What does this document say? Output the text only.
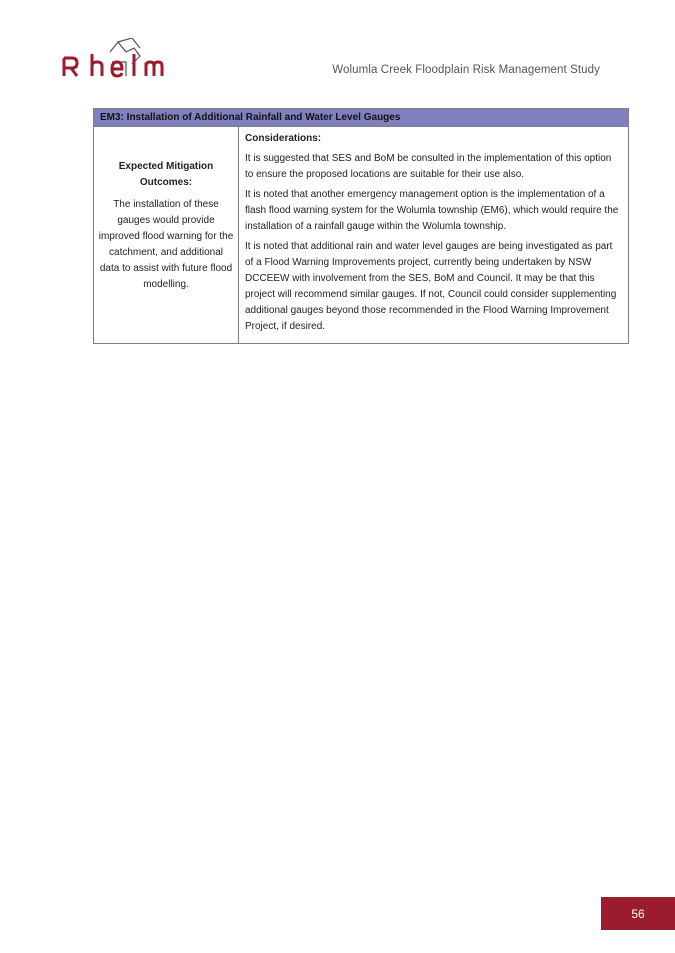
Wolumla Creek Floodplain Risk Management Study
EM3: Installation of Additional Rainfall and Water Level Gauges
Expected Mitigation Outcomes:
The installation of these gauges would provide improved flood warning for the catchment, and additional data to assist with future flood modelling.
Considerations:

It is suggested that SES and BoM be consulted in the implementation of this option to ensure the proposed locations are suitable for their use also.

It is noted that another emergency management option is the implementation of a flash flood warning system for the Wolumla township (EM6), which would require the installation of a rainfall gauge within the Wolumla township.

It is noted that additional rain and water level gauges are being investigated as part of a Flood Warning Improvements project, currently being undertaken by NSW DCCEEW with involvement from the SES, BoM and Council. It may be that this project will recommend similar gauges. If not, Council could consider supplementing additional gauges beyond those recommended in the Flood Warning Improvement Project, if desired.

56
